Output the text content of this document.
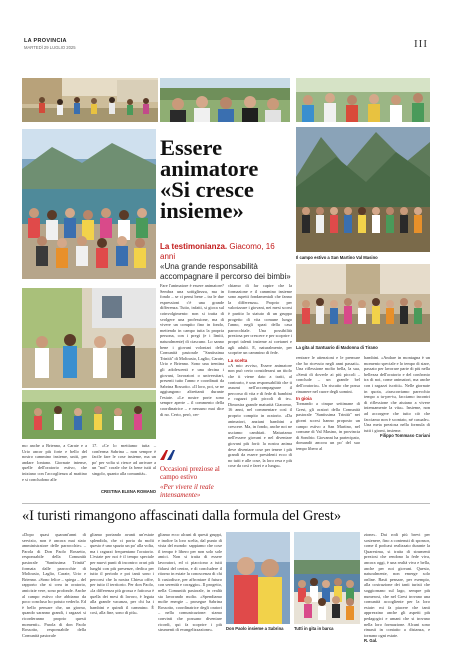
LA PROVINCIA
MARTEDÌ 29 LUGLIO 2025	III
mo anche a Brienno, a Carate e a Urio ancor più forte e bello del nostro cammino insieme, uniti, per andare lontano. Giornate intense, quelle dell'oratorio estivo, che iniziano con l'accoglienza al mattino e si concludono alle
17. «Ce lo mettiamo tutta – conferma Sabrina – non sempre è facile fare le cose insieme, ma un po' per volta si riesce ad arrivare a un "noi" corale che fa bene tutti al singolo, quanto alla comunità».
CRISTINA ELENA ROMANO
Essere animatore «Si cresce insieme»
La testimonianza. Giacomo, 16 anni
«Una grande responsabilità accompagnare il percorso dei bimbi»
Il campo estivo a San Martino Val Masino
La gita al Santuario di Madonna di Tirano
Fare l'animatore è essere animatore? Sembra una sottigliezza, ma in fondo – se ci pensi bene – tra le due espressioni c'è una grande differenza. Tutto, infatti, si gioca sul coinvolgimento: non si tratta di svolgere una professione, ma di vivere un compito fino in fondo, mettendo in campo tutta la propria persona, con i pregi (e i limiti, naturalmente) di ciascuno. Lo sanno bene i giovani volontari della Comunità pastorale "Santissima Trinità" di Moltrasio, Laglio, Carate, Urio e Brienno. Sono una trentina gli adolescenti e una decina i giovani, lavoratori o universitari, presenti tutto l'anno e coordinati da Sabrina Rossotto. «Il loro, poi, se ne aggiungono altrettanti durante l'estate. «Le nostre porte sono sempre aperte – il commento della coordinatrice – e nessuno mai dice di no. Certo, però, cer-
chiamo di far capire che la formazione e il cammino insieme sono aspetti fondamentali che fanno la differenza». Proprio per valorizzare i giovani, nei mesi scorsi è partito lo statuto di un gruppo progetto di vita comune lungo l'anno, negli spazi della casa parrocchiale. Una possibilità preziosa per crescere e per scoprire i propri talenti insieme ai coetanei e agli adulti. E, naturalmente, per scoprire un cammino di fede.
La scelta
«A mio avviso, Essere animatore non può certo considerarsi un titolo che ti viene dato a tratti, al contrario, è una responsabilità che ti assumi nell'accompagnare il percorso di vita e di fede di bambini e ragazzi più piccoli di te». Dimostra grande maturità Giacomo, 16 anni, nel commentare così il proprio compito in oratorio. «Da animatori, anziani bambini a crescere. Ma, in fondo, anche noi ne usciamo cambiati. Maturiamo nell'essere giovani e nel diventare giovani più forti: la nostra anima deve diventare cose per tenere i più grandi da essere presidenti ecco di no tutti e alle cose, la loro resa e più cose da così e farei e a lunga».
rentrare le attenzioni e le premure che ho ricevuto negli anni passati». Una riflessione molto bella, la sua, «Senti di doverle ai più piccoli – conclude – un grande bel dell'oratorio». Un riscatto che possa rimanere nel cuore degli uomini.
In gioia
Tornando a cinque settimane di Grest, gli oratori della Comunità pastorale "Santissima Trinità" nei giorni scorsi hanno proposto un campo estivo a San Martino, nel comune di Val Masino, in provincia di Sondrio. Giovanni ha partecipato, domandò ancora un po' del suo tempo libero al
bambini. «Andare in montagna è un momento speciale e lo tempo di stare, passato per lavorare parte di più nella bellezza dell'oratorio e del confronto tra di noi, come animatori, ma anche con i ragazzi iscritti». Nelle giornate in quota, «trascorriamo parecchio tempo a tu-per-tu, facciamo incontri di riflessione che aiutano a vivere intensamente la vita». Insieme, non ad accorgere che tutto ciò che facciamo non è scontato, né casuale». Una meta preziosa nella formula di tutti i giorni, insieme.
Filippo Tommaso Coriani
Occasioni preziose al campo estivo
«Per vivere il reale intensamente»
«I turisti rimangono affascinati dalla formula del Grest»
«Dopo quasi quarant'anni di servizio, non è ancora mai stato amministratore delle parrocchie» – Parola di Don Paolo Rossetto, responsabile della Comunità pastorale "Santissima Trinità" formata dalle parrocchie di Moltrasio, Laglio, Carate, Urio e Brienno. «Sono felice – spiega – del rapporto che si crea in oratorio, amicizie vere, sono profonde. Anche al campo estivo che abbiamo da poco concluso ho potuto vederlo. Ed è bello pensare che, un giorno, quando saranno grandi, i ragazzi si ricorderanno proprio questi momenti». Parola di don Paolo Rossotto, responsabile della Comunità pastorale
gliamo portando avanti un'estate splendida, che ci porta da molti questo è uno spazio un po' alla volta, ma i ragazzi frequentano l'oratorio. L'estate per noi è il tempo speciale per nuovi punti di incontro: orari più lunghi con più presenze, dedica per tutto il periodo e poi tanti sono i percorsi che la nostra Chiesa offre, per tutto il territorio. Per don Paolo, «la differenza più grossa e faticosa è quella dei mesi di lavoro, è legata alla grande vacanza, per chi ha i bambini e quindi il cammino. È così, alla fine, sono di più».
gliamo ecco alcuni di questi gruppi, e inoltre la loro scelta, dal punto di vista del mondo: sappiamo che cose il tempo è libero per non solo sole amici. Non si tratta di essere lavoratori, ed ci piacciono a tutti fidarsi del centro, e di concludere il ritorno in estate la conoscenza di chi li custodisce, per affrontare il futuro con serenità e coraggio». Il progetto, nella Comunità pastorale, in realtà sta lavorando molto. «Spendiamo molte energie – prosegue Sabrina Rossotto, coordinatrice degli oratori – nella comunicazione: siamo convinti che possano diventare ricordi, qui fa scoprire i più strumenti di evangelizzazione».	Don Paolo insieme a Sabrina	Tutti in gita in barca
zione». Dai rodi più brevi per sostenere, fino a contenuti di sponsor, come il podcast realizzato durante la Quaresima, si tratta di strumenti preziosi che rendono la fede viva, ancora oggi, è una realtà viva e bella, anche per noi giovani. Questo, naturalmente, non emerge solo online. Basti pensare, per esempio, alla costruzione dei tanti turisti che soggiornano sul lago, sempre più numerosi, che nel Grest trovano una comunità accogliente per la loro estate: mi fa piacere che tanti apprezzino anche gli aspetti più pedagogici e umani che si trovano nella loro formazione. Alcuni sono rimasti in contatto a distanza, e tornano ogni estate.
R. Gal.
